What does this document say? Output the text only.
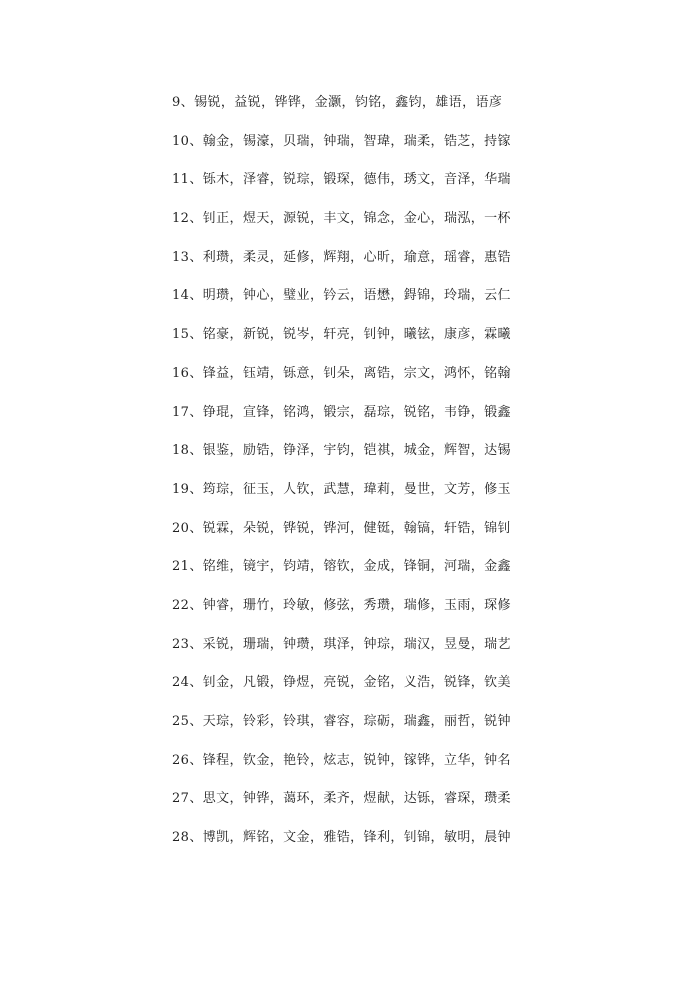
9、锡锐，益锐，铧铧，金灏，钧铭，鑫钧，雄语，语彦
10、翰金，锡濠，贝瑞，钟瑞，智瑋，瑞柔，锆芝，持镓
11、铄木，泽睿，锐琮，锻琛，德伟，琇文，音泽，华瑞
12、钊正，煜天，源锐，丰文，锦念，金心，瑞泓，一杯
13、利瓒，柔灵，延修，辉翔，心昕，瑜意，瑶睿，惠锆
14、明瓒，钟心，璧业，钤云，语懋，鍀锦，玲瑞，云仁
15、铭豪，新锐，锐岑，轩亮，钊钟，曦铉，康彦，霖曦
16、锋益，钰靖，铄意，钊朵，离锆，宗文，鸿怀，铭翰
17、铮琨，宣锋，铭鸿，锻宗，磊琮，锐铭，韦铮，锻鑫
18、银鉴，励锆，铮泽，宇钧，铠祺，城金，辉智，达锡
19、筠琮，征玉，人钦，武慧，瑋莉，曼世，文芳，修玉
20、锐霖，朵锐，铧锐，铧河，健铤，翰镐，轩锆，锦钊
21、铭维，镜宇，钧靖，镕钦，金成，锋铜，河瑞，金鑫
22、钟睿，珊竹，玲敏，修弦，秀瓒，瑞修，玉雨，琛修
23、采锐，珊瑞，钟瓒，琪泽，钟琮，瑞汉，昱曼，瑞艺
24、钊金，凡锻，铮煜，亮锐，金铭，义浩，锐锋，钦美
25、天琮，铃彩，铃琪，睿容，琮砺，瑞鑫，丽哲，锐钟
26、锋程，钦金，艳铃，炫志，锐钟，镓铧，立华，钟名
27、思文，钟铧，蔼环，柔齐，煜献，达铄，睿琛，瓒柔
28、博凯，辉铭，文金，雅锆，锋利，钊锦，敏明，晨钟
